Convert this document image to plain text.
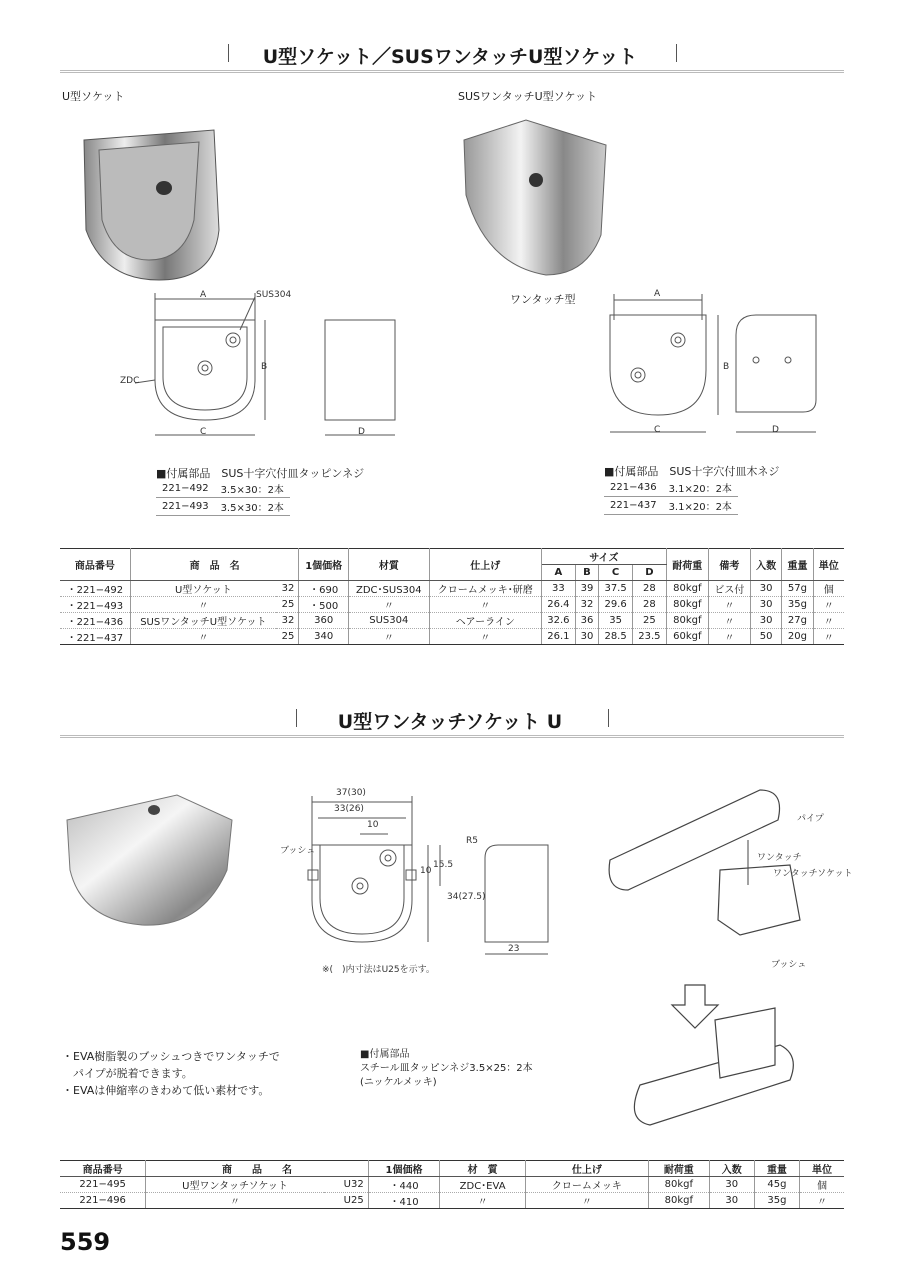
U型ソケット／SUSワンタッチU型ソケット
U型ソケット	SUSワンタッチU型ソケット
A	SUS304
B
ZDC
C	D
ワンタッチ型	A
B
C	D
■付属部品　SUS十字穴付皿タッピンネジ
221−492	3.5×30：2本
221−493	3.5×30：2本
■付属部品　SUS十字穴付皿木ネジ
221−436	3.1×20：2本
221−437	3.1×20：2本
商品番号	商　品　名		1個価格	材質	仕上げ	サイズ				耐荷重	備考	入数	重量	単位
						A	B	C	D					
・221−492	U型ソケット	32	・690	ZDC･SUS304	クロームメッキ･研磨	33	39	37.5	28	80kgf	ビス付	30	57g	個
・221−493	〃	25	・500	〃	〃	26.4	32	29.6	28	80kgf	〃	30	35g	〃
・221−436	SUSワンタッチU型ソケット	32	360	SUS304	ヘアーライン	32.6	36	35	25	80kgf	〃	30	27g	〃
・221−437	〃	25	340	〃	〃	26.1	30	28.5	23.5	60kgf	〃	50	20g	〃
U型ワンタッチソケット U
37(30)
33(26)
10
10
15.5
34(27.5)
R5
23
ブッシュ
※(　)内寸法はU25を示す。
パイプ
ワンタッチ
ワンタッチソケット
ブッシュ
・EVA樹脂製のブッシュつきでワンタッチで
　パイプが脱着できます。
・EVAは伸縮率のきわめて低い素材です。
■付属部品
スチール皿タッピンネジ3.5×25：2本
(ニッケルメッキ)
商品番号	商　　品　　名		1個価格	材　質	仕上げ	耐荷重	入数	重量	単位
221−495	U型ワンタッチソケット	U32	・440	ZDC･EVA	クロームメッキ	80kgf	30	45g	個
221−496	〃	U25	・410	〃	〃	80kgf	30	35g	〃
559
